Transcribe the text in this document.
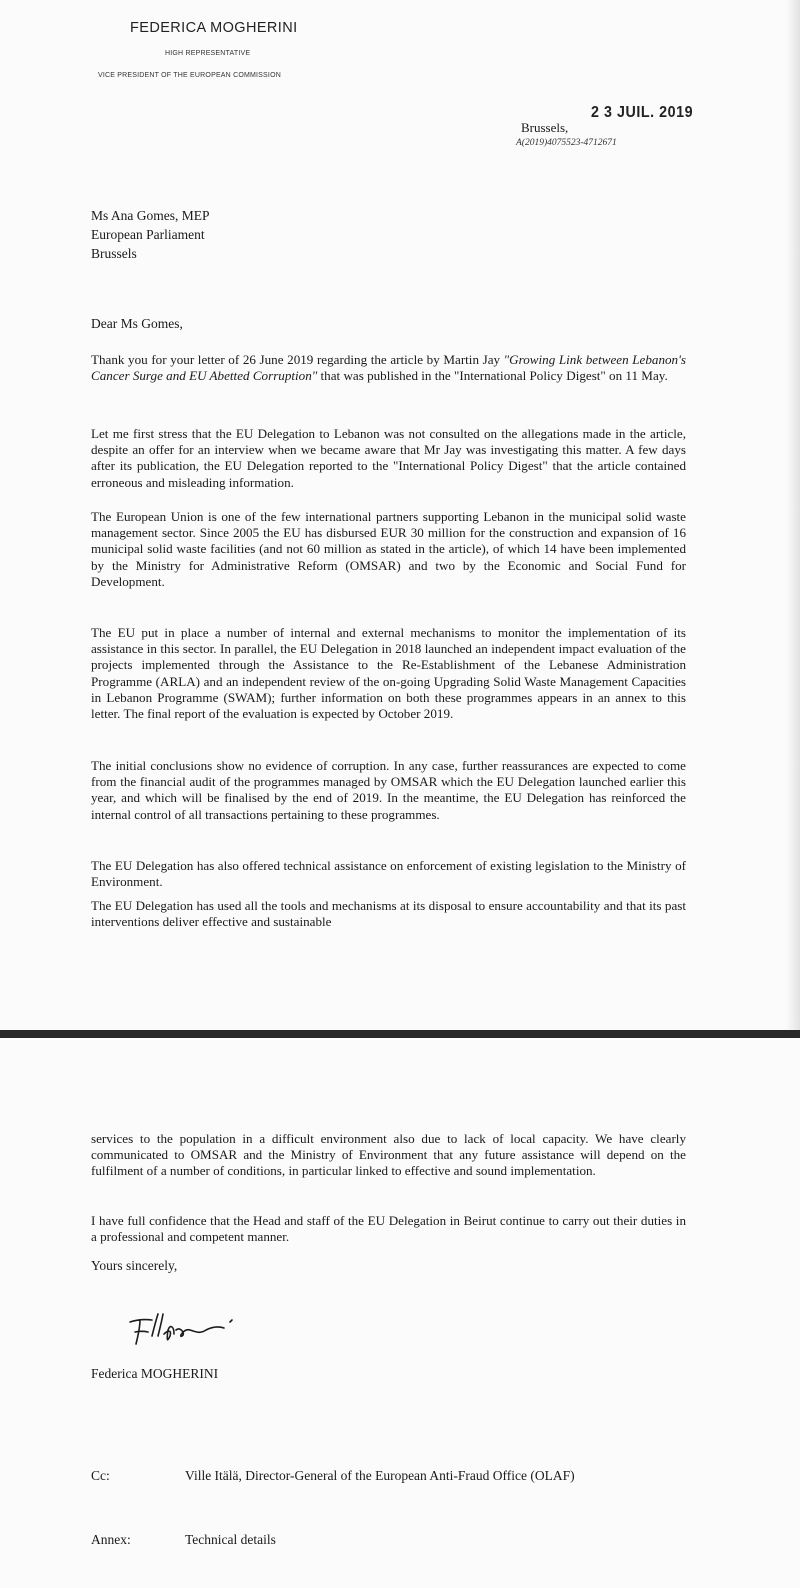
FEDERICA MOGHERINI
HIGH REPRESENTATIVE
VICE PRESIDENT OF THE EUROPEAN COMMISSION
2 3 JUIL. 2019
Brussels,
A(2019)4075523-4712671
Ms Ana Gomes, MEP
European Parliament
Brussels
Dear Ms Gomes,

Thank you for your letter of 26 June 2019 regarding the article by Martin Jay "Growing Link between Lebanon's Cancer Surge and EU Abetted Corruption" that was published in the "International Policy Digest" on 11 May.

Let me first stress that the EU Delegation to Lebanon was not consulted on the allegations made in the article, despite an offer for an interview when we became aware that Mr Jay was investigating this matter. A few days after its publication, the EU Delegation reported to the "International Policy Digest" that the article contained erroneous and misleading information.

The European Union is one of the few international partners supporting Lebanon in the municipal solid waste management sector. Since 2005 the EU has disbursed EUR 30 million for the construction and expansion of 16 municipal solid waste facilities (and not 60 million as stated in the article), of which 14 have been implemented by the Ministry for Administrative Reform (OMSAR) and two by the Economic and Social Fund for Development.

The EU put in place a number of internal and external mechanisms to monitor the implementation of its assistance in this sector. In parallel, the EU Delegation in 2018 launched an independent impact evaluation of the projects implemented through the Assistance to the Re-Establishment of the Lebanese Administration Programme (ARLA) and an independent review of the on-going Upgrading Solid Waste Management Capacities in Lebanon Programme (SWAM); further information on both these programmes appears in an annex to this letter. The final report of the evaluation is expected by October 2019.

The initial conclusions show no evidence of corruption. In any case, further reassurances are expected to come from the financial audit of the programmes managed by OMSAR which the EU Delegation launched earlier this year, and which will be finalised by the end of 2019. In the meantime, the EU Delegation has reinforced the internal control of all transactions pertaining to these programmes.

The EU Delegation has also offered technical assistance on enforcement of existing legislation to the Ministry of Environment.

The EU Delegation has used all the tools and mechanisms at its disposal to ensure accountability and that its past interventions deliver effective and sustainable

services to the population in a difficult environment also due to lack of local capacity. We have clearly communicated to OMSAR and the Ministry of Environment that any future assistance will depend on the fulfilment of a number of conditions, in particular linked to effective and sound implementation.

I have full confidence that the Head and staff of the EU Delegation in Beirut continue to carry out their duties in a professional and competent manner.

Yours sincerely,
Federica MOGHERINI
Cc:	Ville Itälä, Director-General of the European Anti-Fraud Office (OLAF)
Annex:	Technical details
